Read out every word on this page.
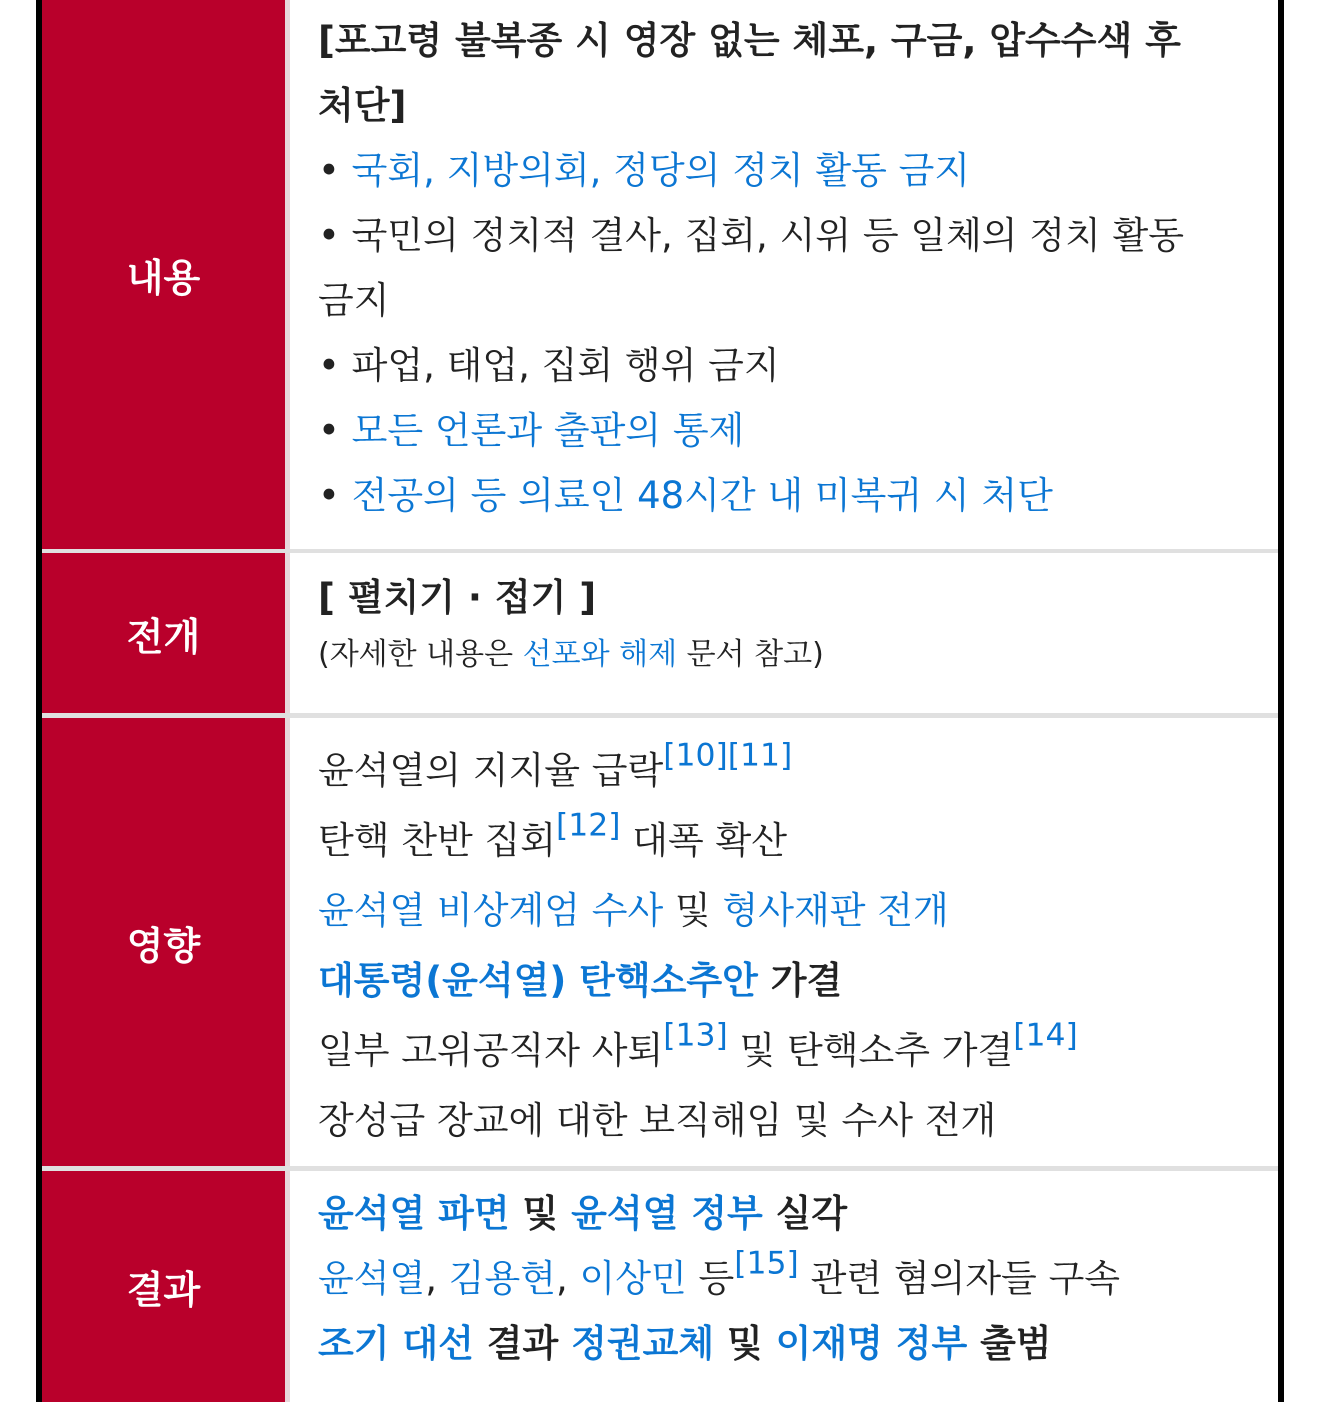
내용
[포고령 불복종 시 영장 없는 체포, 구금, 압수수색 후
처단]
• 국회, 지방의회, 정당의 정치 활동 금지
• 국민의 정치적 결사, 집회, 시위 등 일체의 정치 활동
금지
• 파업, 태업, 집회 행위 금지
• 모든 언론과 출판의 통제
• 전공의 등 의료인 48시간 내 미복귀 시 처단
전개
[ 펼치기 · 접기 ]
(자세한 내용은 선포와 해제 문서 참고)
영향
윤석열의 지지율 급락[10][11]
탄핵 찬반 집회[12] 대폭 확산
윤석열 비상계엄 수사 및 형사재판 전개
대통령(윤석열) 탄핵소추안 가결
일부 고위공직자 사퇴[13] 및 탄핵소추 가결[14]
장성급 장교에 대한 보직해임 및 수사 전개
결과
윤석열 파면 및 윤석열 정부 실각
윤석열, 김용현, 이상민 등[15] 관련 혐의자들 구속
조기 대선 결과 정권교체 및 이재명 정부 출범
